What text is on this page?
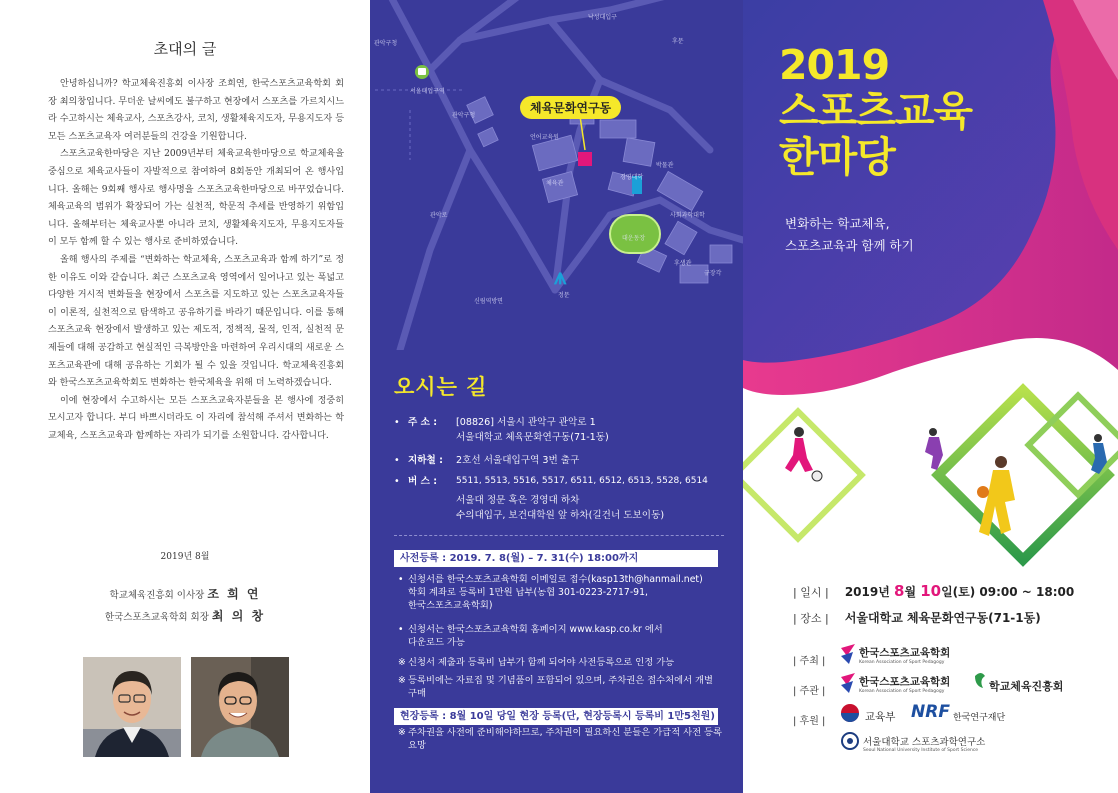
초대의 글

안녕하십니까? 학교체육진흥회 이사장 조희연, 한국스포츠교육학회 회장 최의창입니다. 무더운 날씨에도 불구하고 현장에서 스포츠를 가르치시느라 수고하시는 체육교사, 스포츠강사, 코치, 생활체육지도자, 무용지도자 등 모든 스포츠교육자 여러분들의 건강을 기원합니다.

스포츠교육한마당은 지난 2009년부터 체육교육한마당으로 학교체육을 중심으로 체육교사들이 자발적으로 참여하여 8회동안 개최되어 온 행사입니다. 올해는 9회째 행사로 행사명을 스포츠교육한마당으로 바꾸었습니다. 체육교육의 범위가 확장되어 가는 실천적, 학문적 추세를 반영하기 위함입니다. 올해부터는 체육교사뿐 아니라 코치, 생활체육지도자, 무용지도자들이 모두 함께 할 수 있는 행사로 준비하였습니다.

올해 행사의 주제를 “변화하는 학교체육, 스포츠교육과 함께 하기”로 정한 이유도 이와 같습니다. 최근 스포츠교육 영역에서 일어나고 있는 폭넓고 다양한 거시적 변화들을 현장에서 스포츠를 지도하고 있는 스포츠교육자들이 이론적, 실천적으로 탐색하고 공유하기를 바라기 때문입니다. 이를 통해 스포츠교육 현장에서 발생하고 있는 제도적, 정책적, 물적, 인적, 실천적 문제들에 대해 공감하고 현실적인 극복방안을 마련하여 우리시대의 새로운 스포츠교육관에 대해 공유하는 기회가 될 수 있을 것입니다. 학교체육진흥회와 한국스포츠교육학회도 변화하는 한국체육을 위해 더 노력하겠습니다.

이에 현장에서 수고하시는 모든 스포츠교육자분들을 본 행사에 정중히 모시고자 합니다. 부디 바쁘시더라도 이 자리에 참석해 주셔서 변화하는 학교체육, 스포츠교육과 함께하는 자리가 되기를 소원합니다. 감사합니다.

2019년 8월
학교체육진흥회 이사장 조 희 연
한국스포츠교육학회 회장 최 의 창
⩚
낙성대입구
후문
서울대입구역
관악구청
관악구청
언어교육원
체육관
박물관
경영대학
사회과학대학
대운동장
후생관
규장각
신림역방면
정문
관악로
체육문화연구동
오시는 길
• 주 소 :	[08826] 서울시 관악구 관악로 1
서울대학교 체육문화연구동(71-1동)
• 지하철 :	2호선 서울대입구역 3번 출구
• 버 스 :	5511, 5513, 5516, 5517, 6511, 6512, 6513, 5528, 6514
서울대 정문 혹은 경영대 하차
수의대입구, 보건대학원 앞 하차(길건너 도보이동)
사전등록 : 2019. 7. 8(월) – 7. 31(수) 18:00까지
• 신청서를 한국스포츠교육학회 이메일로 접수(kasp13th@hanmail.net)
학회 계좌로 등록비 1만원 납부(농협 301-0223-2717-91,
한국스포츠교육학회)
• 신청서는 한국스포츠교육학회 홈페이지 www.kasp.co.kr 에서
다운로드 가능
※ 신청서 제출과 등록비 납부가 함께 되어야 사전등록으로 인정 가능
※ 등록비에는 자료집 및 기념품이 포함되어 있으며, 주차권은 접수처에서 개별
구매
현장등록 : 8월 10일 당일 현장 등록(단, 현장등록시 등록비 1만5천원)
※ 주차권을 사전에 준비해야하므로, 주차권이 필요하신 분들은 가급적 사전 등록
요망
2019
스포츠교육
한마당
변화하는 학교체육,
스포츠교육과 함께 하기
| 일시 | 2019년 8월 10일(토) 09:00 ~ 18:00
| 장소 | 서울대학교 체육문화연구동(71-1동)
| 주최 |
한국스포츠교육학회
Korean Association of Sport Pedagogy
| 주관 |
한국스포츠교육학회
Korean Association of Sport Pedagogy	학교체육진흥회
| 후원 |	교육부 NRF 한국연구재단
서울대학교 스포츠과학연구소
Seoul National University Institute of Sport Science
